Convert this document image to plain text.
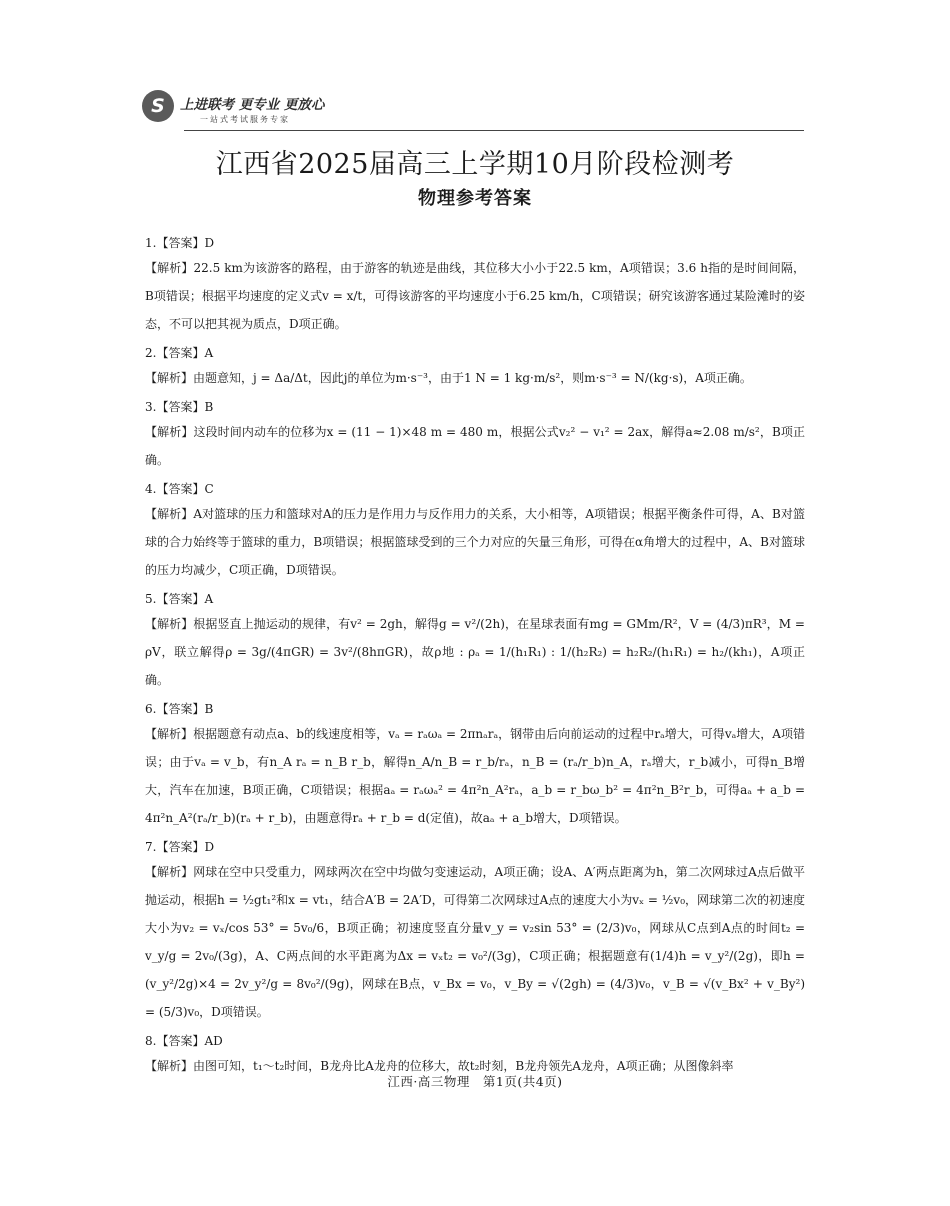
S	上进联考 更专业 更放心
一站式考试服务专家
江西省2025届高三上学期10月阶段检测考
物理参考答案
1.【答案】D
【解析】22.5 km为该游客的路程，由于游客的轨迹是曲线，其位移大小小于22.5 km，A项错误；3.6 h指的是时间间隔，B项错误；根据平均速度的定义式v = x/t，可得该游客的平均速度小于6.25 km/h，C项错误；研究该游客通过某险滩时的姿态，不可以把其视为质点，D项正确。
2.【答案】A
【解析】由题意知，j = Δa/Δt，因此j的单位为m·s⁻³，由于1 N = 1 kg·m/s²，则m·s⁻³ = N/(kg·s)，A项正确。
3.【答案】B
【解析】这段时间内动车的位移为x = (11 − 1)×48 m = 480 m，根据公式v₂² − v₁² = 2ax，解得a≈2.08 m/s²，B项正确。
4.【答案】C
【解析】A对篮球的压力和篮球对A的压力是作用力与反作用力的关系，大小相等，A项错误；根据平衡条件可得，A、B对篮球的合力始终等于篮球的重力，B项错误；根据篮球受到的三个力对应的矢量三角形，可得在α角增大的过程中，A、B对篮球的压力均减少，C项正确，D项错误。
5.【答案】A
【解析】根据竖直上抛运动的规律，有v² = 2gh，解得g = v²/(2h)，在星球表面有mg = GMm/R²，V = (4/3)πR³，M = ρV，联立解得ρ = 3g/(4πGR) = 3v²/(8hπGR)，故ρ地 : ρₐ = 1/(h₁R₁) : 1/(h₂R₂) = h₂R₂/(h₁R₁) = h₂/(kh₁)，A项正确。
6.【答案】B
【解析】根据题意有动点a、b的线速度相等，vₐ = rₐωₐ = 2πnₐrₐ，钢带由后向前运动的过程中rₐ增大，可得vₐ增大，A项错误；由于vₐ = v_b，有n_A rₐ = n_B r_b，解得n_A/n_B = r_b/rₐ，n_B = (rₐ/r_b)n_A，rₐ增大，r_b减小，可得n_B增大，汽车在加速，B项正确，C项错误；根据aₐ = rₐωₐ² = 4π²n_A²rₐ，a_b = r_bω_b² = 4π²n_B²r_b，可得aₐ + a_b = 4π²n_A²(rₐ/r_b)(rₐ + r_b)，由题意得rₐ + r_b = d(定值)，故aₐ + a_b增大，D项错误。
7.【答案】D
【解析】网球在空中只受重力，网球两次在空中均做匀变速运动，A项正确；设A、A′两点距离为h，第二次网球过A点后做平抛运动，根据h = ½gt₁²和x = vt₁，结合A′B = 2A′D，可得第二次网球过A点的速度大小为vₓ = ½v₀，网球第二次的初速度大小为v₂ = vₓ/cos 53° = 5v₀/6，B项正确；初速度竖直分量v_y = v₂sin 53° = (2/3)v₀，网球从C点到A点的时间t₂ = v_y/g = 2v₀/(3g)，A、C两点间的水平距离为Δx = vₓt₂ = v₀²/(3g)，C项正确；根据题意有(1/4)h = v_y²/(2g)，即h = (v_y²/2g)×4 = 2v_y²/g = 8v₀²/(9g)，网球在B点，v_Bx = v₀，v_By = √(2gh) = (4/3)v₀，v_B = √(v_Bx² + v_By²) = (5/3)v₀，D项错误。
8.【答案】AD
【解析】由图可知，t₁～t₂时间，B龙舟比A龙舟的位移大，故t₂时刻，B龙舟领先A龙舟，A项正确；从图像斜率
江西·高三物理　第1页(共4页)
